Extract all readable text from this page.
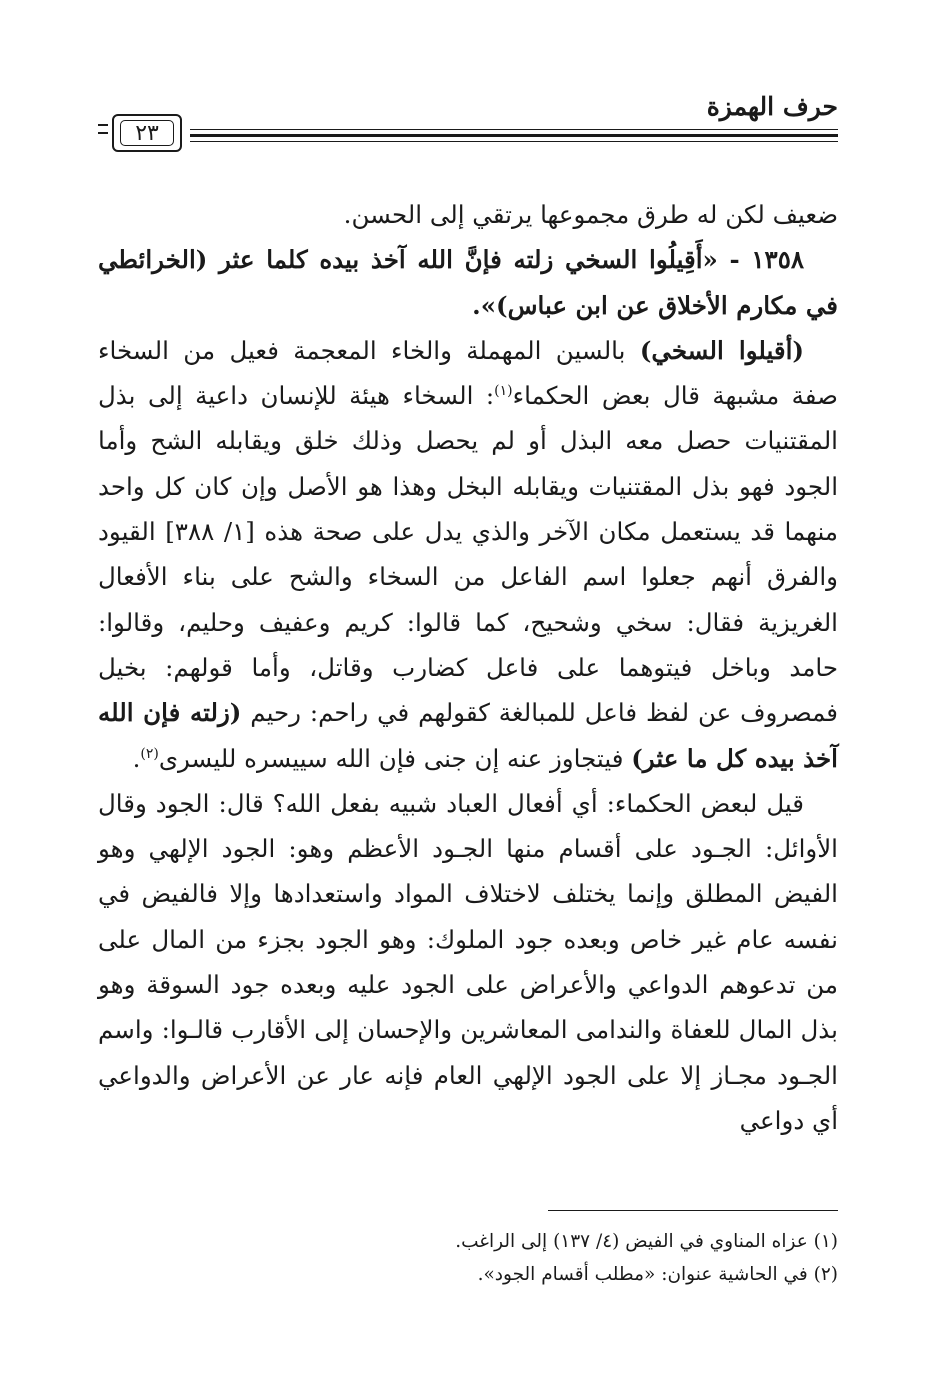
حرف الهمزة
٢٣

ضعيف لكن له طرق مجموعها يرتقي إلى الحسن.

١٣٥٨ - «أَقِيلُوا السخي زلته فإنَّ الله آخذ بيده كلما عثر (الخرائطي في مكارم الأخلاق عن ابن عباس)».

(أقيلوا السخي) بالسين المهملة والخاء المعجمة فعيل من السخاء صفة مشبهة قال بعض الحكماء$^{(١)}$: السخاء هيئة للإنسان داعية إلى بذل المقتنيات حصل معه البذل أو لم يحصل وذلك خلق ويقابله الشح وأما الجود فهو بذل المقتنيات ويقابله البخل وهذا هو الأصل وإن كان كل واحد منهما قد يستعمل مكان الآخر والذي يدل على صحة هذه [١/ ٣٨٨] القيود والفرق أنهم جعلوا اسم الفاعل من السخاء والشح على بناء الأفعال الغريزية فقال: سخي وشحيح، كما قالوا: كريم وعفيف وحليم، وقالوا: حامد وباخل فيتوهما على فاعل كضارب وقاتل، وأما قولهم: بخيل فمصروف عن لفظ فاعل للمبالغة كقولهم في راحم: رحيم (زلته فإن الله آخذ بيده كل ما عثر) فيتجاوز عنه إن جنى فإن الله سييسره لليسرى$^{(٢)}$.

قيل لبعض الحكماء: أي أفعال العباد شبيه بفعل الله؟ قال: الجود وقال الأوائل: الجـود على أقسام منها الجـود الأعظم وهو: الجود الإلهي وهو الفيض المطلق وإنما يختلف لاختلاف المواد واستعدادها وإلا فالفيض في نفسه عام غير خاص وبعده جود الملوك: وهو الجود بجزء من المال على من تدعوهم الدواعي والأعراض على الجود عليه وبعده جود السوقة وهو بذل المال للعفاة والندامى المعاشرين والإحسان إلى الأقارب قالـوا: واسم الجـود مجـاز إلا على الجود الإلهي العام فإنه عار عن الأعراض والدواعي أي دواعي

(١) عزاه المناوي في الفيض (٤/ ١٣٧) إلى الراغب.

(٢) في الحاشية عنوان: «مطلب أقسام الجود».
